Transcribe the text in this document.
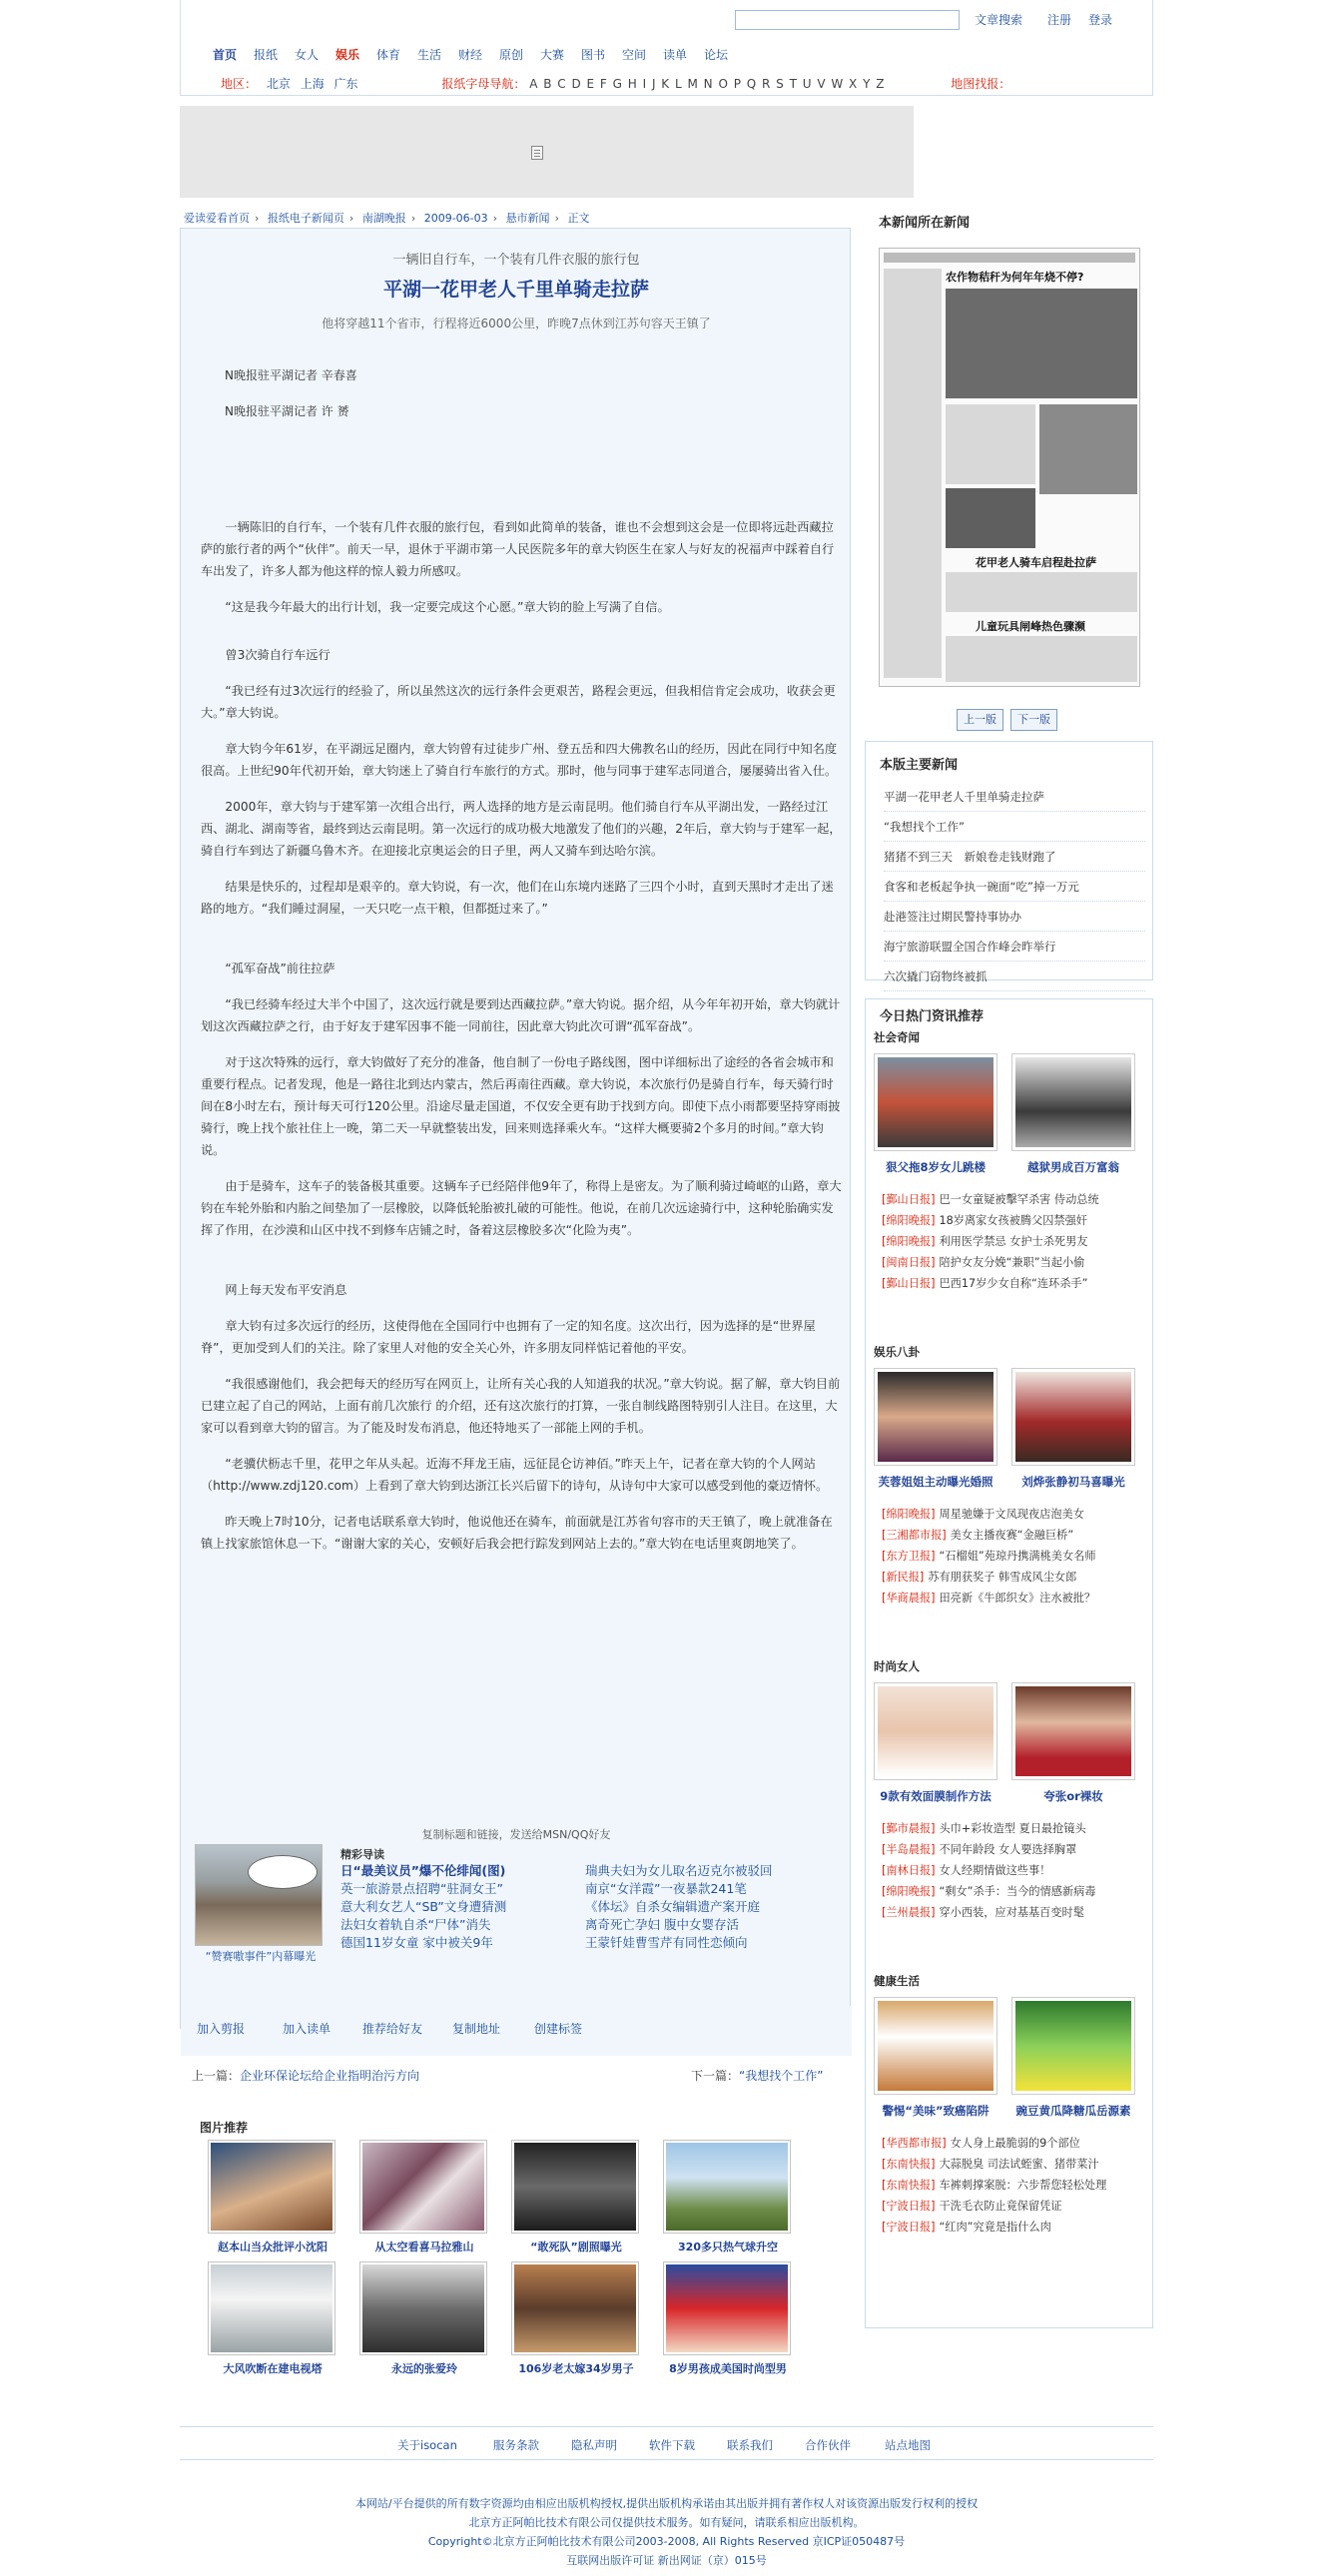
文章搜索 注册 登录
首页	报纸	女人	娱乐	体育	生活	财经	原创	大赛	图书	空间	读单	论坛
地区： 北京 上海 广东	报纸字母导航： A B C D E F G H I J K L M N O P Q R S T U V W X Y Z	地图找报：
爱读爱看首页 › 报纸电子新闻页 › 南湖晚报 › 2009-06-03 › 悬市新闻 › 正文
一辆旧自行车，一个装有几件衣服的旅行包
平湖一花甲老人千里单骑走拉萨
他将穿越11个省市，行程将近6000公里，昨晚7点休到江苏句容天王镇了
N晚报驻平湖记者 辛春喜
N晚报驻平湖记者 许 赟

一辆陈旧的自行车，一个装有几件衣服的旅行包，看到如此简单的装备，谁也不会想到这会是一位即将远赴西藏拉萨的旅行者的两个“伙伴”。前天一早，退休于平湖市第一人民医院多年的章大钧医生在家人与好友的祝福声中踩着自行车出发了，许多人都为他这样的惊人毅力所感叹。

“这是我今年最大的出行计划，我一定要完成这个心愿。”章大钧的脸上写满了自信。

曾3次骑自行车远行

“我已经有过3次远行的经验了，所以虽然这次的远行条件会更艰苦，路程会更远，但我相信肯定会成功，收获会更大。”章大钧说。

章大钧今年61岁，在平湖远足圈内，章大钧曾有过徒步广州、登五岳和四大佛教名山的经历，因此在同行中知名度很高。上世纪90年代初开始，章大钧迷上了骑自行车旅行的方式。那时，他与同事于建军志同道合，屡屡骑出省入仕。

2000年，章大钧与于建军第一次组合出行，两人选择的地方是云南昆明。他们骑自行车从平湖出发，一路经过江西、湖北、湖南等省，最终到达云南昆明。第一次远行的成功极大地激发了他们的兴趣，2年后，章大钧与于建军一起，骑自行车到达了新疆乌鲁木齐。在迎接北京奥运会的日子里，两人又骑车到达哈尔滨。

结果是快乐的，过程却是艰辛的。章大钧说，有一次，他们在山东境内迷路了三四个小时，直到天黑时才走出了迷路的地方。“我们睡过洞屋，一天只吃一点干粮，但都挺过来了。”

“孤军奋战”前往拉萨

“我已经骑车经过大半个中国了，这次远行就是要到达西藏拉萨。”章大钧说。据介绍，从今年年初开始，章大钧就计划这次西藏拉萨之行，由于好友于建军因事不能一同前往，因此章大钧此次可谓“孤军奋战”。

对于这次特殊的远行，章大钧做好了充分的准备，他自制了一份电子路线图，图中详细标出了途经的各省会城市和重要行程点。记者发现，他是一路往北到达内蒙古，然后再南往西藏。章大钧说，本次旅行仍是骑自行车，每天骑行时间在8小时左右，预计每天可行120公里。沿途尽量走国道，不仅安全更有助于找到方向。即使下点小雨都要坚持穿雨披骑行，晚上找个旅社住上一晚，第二天一早就整装出发，回来则选择乘火车。“这样大概要骑2个多月的时间。”章大钧说。

由于是骑车，这车子的装备极其重要。这辆车子已经陪伴他9年了，称得上是密友。为了顺利骑过崎岖的山路，章大钧在车轮外胎和内胎之间垫加了一层橡胶，以降低轮胎被扎破的可能性。他说，在前几次远途骑行中，这种轮胎确实发挥了作用，在沙漠和山区中找不到修车店铺之时，备着这层橡胶多次“化险为夷”。

网上每天发布平安消息

章大钧有过多次远行的经历，这使得他在全国同行中也拥有了一定的知名度。这次出行，因为选择的是“世界屋脊”，更加受到人们的关注。除了家里人对他的安全关心外，许多朋友同样惦记着他的平安。

“我很感谢他们，我会把每天的经历写在网页上，让所有关心我的人知道我的状况。”章大钧说。据了解，章大钧目前已建立起了自己的网站，上面有前几次旅行 的介绍，还有这次旅行的打算，一张自制线路图特别引人注目。在这里，大家可以看到章大钧的留言。为了能及时发布消息，他还特地买了一部能上网的手机。

“老骥伏枥志千里，花甲之年从头起。近海不拜龙王庙，远征昆仑访神佰。”昨天上午，记者在章大钧的个人网站（http://www.zdj120.com）上看到了章大钧到达浙江长兴后留下的诗句，从诗句中大家可以感受到他的豪迈情怀。

昨天晚上7时10分，记者电话联系章大钧时，他说他还在骑车，前面就是江苏省句容市的天王镇了，晚上就准备在镇上找家旅馆休息一下。“谢谢大家的关心，安顿好后我会把行踪发到网站上去的。”章大钧在电话里爽朗地笑了。

复制标题和链接，发送给MSN/QQ好友
“赞赛嗷事件”内幕曝光
精彩导读
日“最美议员”爆不伦绯闻(图)	瑞典夫妇为女儿取名迈克尔被驳回
英一旅游景点招聘“驻洞女王”	南京“女洋霞”一夜暴款241笔
意大利女艺人“SB”文身遭猜测	《体坛》自杀女编辑遗产案开庭
法妇女着轨自杀“尸体”消失	离奇死亡孕妇 腹中女婴存活
德国11岁女童 家中被关9年	王蒙钎娃曹雪芹有同性恋倾向
加入剪报	加入读单	推荐给好友 复制地址	创建标签
上一篇：企业环保论坛给企业指明治污方向	下一篇：“我想找个工作”
图片推荐
赵本山当众批评小沈阳	从太空看喜马拉雅山	“敢死队”剧照曝光	320多只热气球升空
大风吹断在建电视塔	永远的张爱玲	106岁老太嫁34岁男子	8岁男孩成美国时尚型男
本新闻所在新闻
农作物秸秆为何年年烧不停?
花甲老人骑车启程赴拉萨
儿童玩具闸峰热色骤濒
上一版	下一版
本版主要新闻
平湖一花甲老人千里单骑走拉萨
“我想找个工作”
猪猪不到三天　新娘卷走钱财跑了
食客和老板起争执一碗面“吃”掉一万元
赴港签注过期民警持事协办
海宁旅游联盟全国合作峰会昨举行
六次撬门窃物终被抓
今日热门资讯推荐
社会奇闻
狠父拖8岁女儿跳楼	越狱男成百万富翁
[鄞山日报] 巴一女童疑被擊罕杀害 侍动总统
[绵阳晚报] 18岁离家女孩被腾父囚禁强奸
[绵阳晚报] 利用医学禁忌 女护士杀死男友
[闽南日报] 陪护女友分娩“兼职”当起小偷
[鄞山日报] 巴西17岁少女自称“连环杀手”
娱乐八卦
芙蓉姐姐主动曝光婚照	刘烨张静初马喜曝光
[绵阳晚报] 周星驰嫌于文凤现夜店泡美女
[三湘都市报] 美女主播夜赛“金融巨桥”
[东方卫报] “石榴姐”苑琼丹携满桃美女名师
[新民报] 苏有朋获奖子 韩雪成风尘女郎
[华商晨报] 田亮新《牛郎织女》注水被批？
时尚女人
9款有效面膜制作方法	夸张or裸妆
[鄞市晨报] 头巾+彩妆造型 夏日最抢镜头
[半岛晨报] 不同年龄段 女人要选择胸罩
[南林日报] 女人经期情做这些事！
[绵阳晚报] “剩女”杀手：当今的情感新病毒
[兰州晨报] 穿小西装，应对基基百变时髦
健康生活
警惕“美味”致癌陷阱	豌豆黄瓜降糖瓜岳源素
[华西都市报] 女人身上最脆弱的9个部位
[东南快报] 大蒜脱臭 司法试蛭蜜、猪带菜汁
[东南快报] 车裤刺撑案脱：六步帮您轻松处理
[宁波日报] 干洗毛衣防止竟保留凭证
[宁波日报] “红肉”究竟是指什么肉
关于isocan	服务条款	隐私声明	软件下载	联系我们	合作伙伴	站点地图
本网站/平台提供的所有数字资源均由相应出版机构授权,提供出版机构承诺由其出版并拥有著作权人对该资源出版发行权利的授权
北京方正阿帕比技术有限公司仅提供技术服务。如有疑问，请联系相应出版机构。
Copyright©北京方正阿帕比技术有限公司2003-2008, All Rights Reserved 京ICP证050487号
互联网出版许可证 新出网证（京）015号
